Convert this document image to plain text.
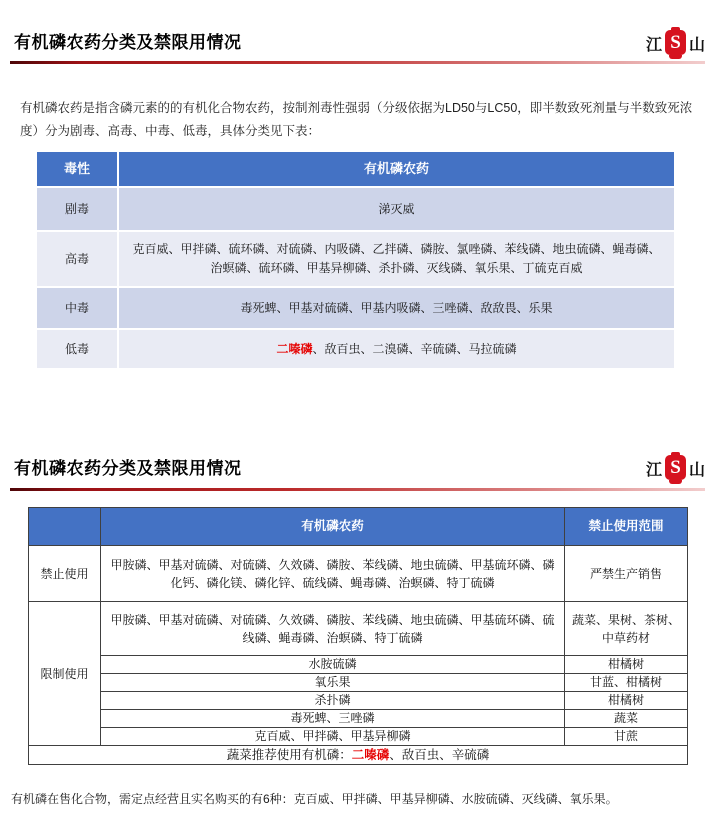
有机磷农药分类及禁限用情况	江 S 山

有机磷农药是指含磷元素的的有机化合物农药，按制剂毒性强弱（分级依据为LD50与LC50，即半数致死剂量与半数致死浓度）分为剧毒、高毒、中毒、低毒，具体分类见下表：

毒性	有机磷农药
剧毒	涕灭威
高毒	克百威、甲拌磷、硫环磷、对硫磷、内吸磷、乙拌磷、磷胺、氯唑磷、苯线磷、地虫硫磷、蝇毒磷、治螟磷、硫环磷、甲基异柳磷、杀扑磷、灭线磷、氧乐果、丁硫克百威
中毒	毒死蜱、甲基对硫磷、甲基内吸磷、三唑磷、敌敌畏、乐果
低毒	二嗪磷、敌百虫、二溴磷、辛硫磷、马拉硫磷
有机磷农药分类及禁限用情况	江 S 山
	有机磷农药	禁止使用范围
禁止使用	甲胺磷、甲基对硫磷、对硫磷、久效磷、磷胺、苯线磷、地虫硫磷、甲基硫环磷、磷化钙、磷化镁、磷化锌、硫线磷、蝇毒磷、治螟磷、特丁硫磷	严禁生产销售
限制使用	甲胺磷、甲基对硫磷、对硫磷、久效磷、磷胺、苯线磷、地虫硫磷、甲基硫环磷、硫线磷、蝇毒磷、治螟磷、特丁硫磷	蔬菜、果树、茶树、中草药材
	水胺硫磷	柑橘树
	氧乐果	甘蓝、柑橘树
	杀扑磷	柑橘树
	毒死蜱、三唑磷	蔬菜
	克百威、甲拌磷、甲基异柳磷	甘蔗
蔬菜推荐使用有机磷：二嗪磷、敌百虫、辛硫磷		

有机磷在售化合物，需定点经营且实名购买的有6种：克百威、甲拌磷、甲基异柳磷、水胺硫磷、灭线磷、氧乐果。
